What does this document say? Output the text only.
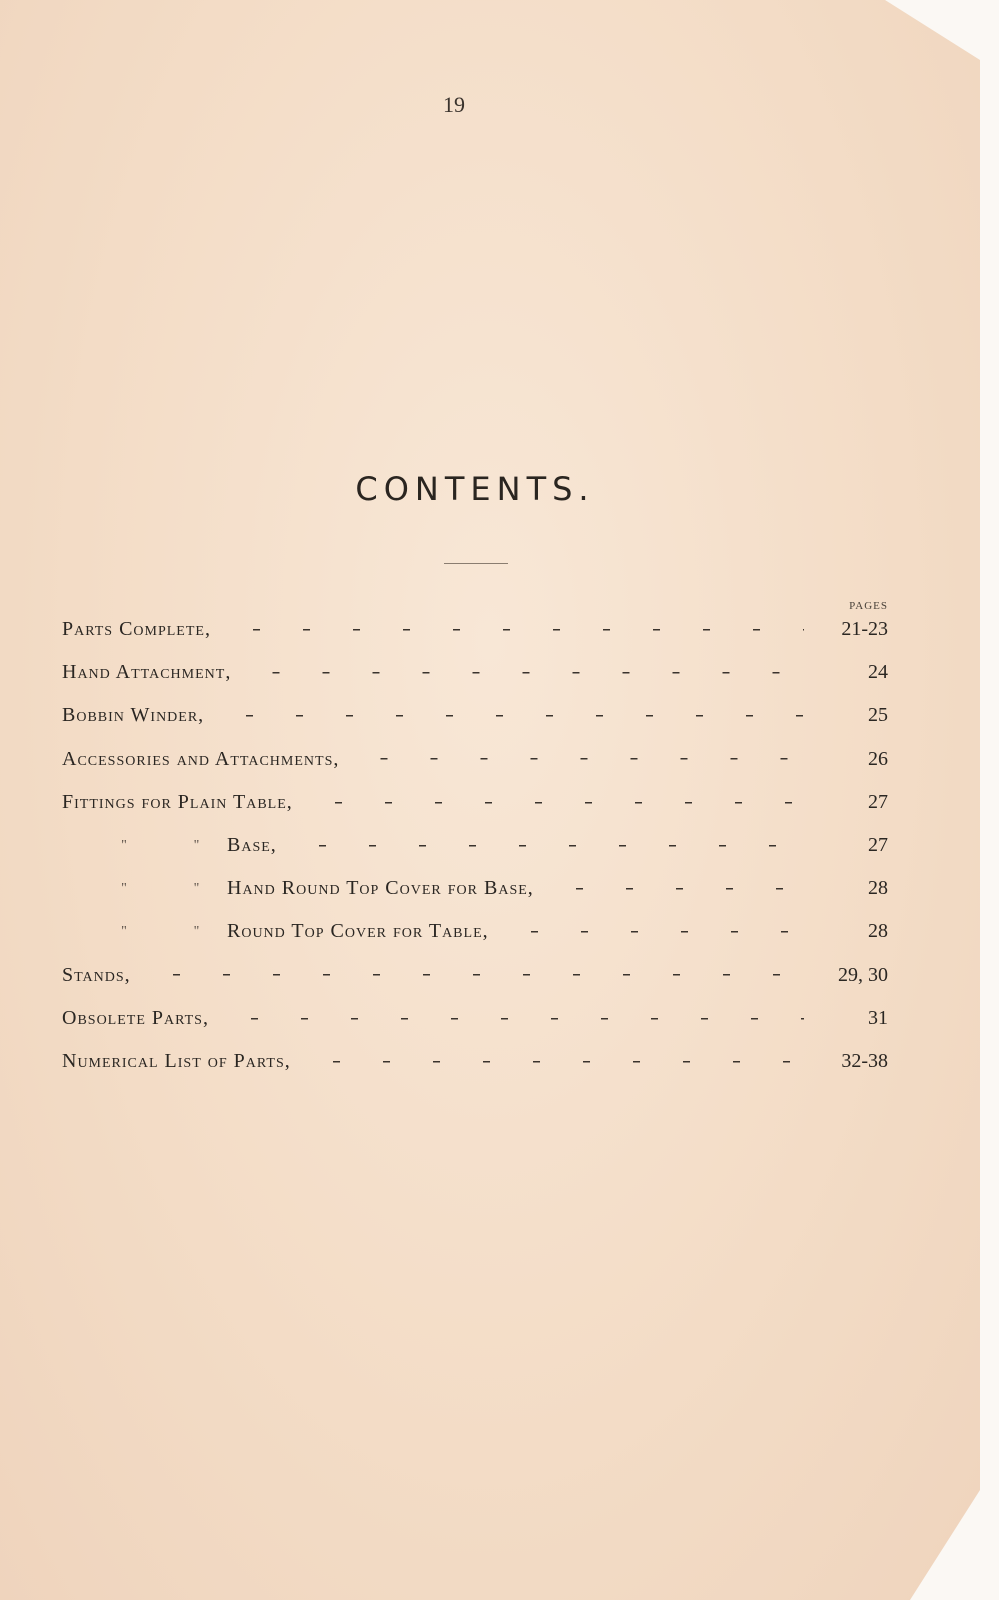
19
CONTENTS.
PAGES
Parts Complete,	21-23
Hand Attachment,	24
Bobbin Winder,	25
Accessories and Attachments,	26
Fittings for Plain Table,	27
"	"	Base,	27
"	"	Hand Round Top Cover for Base,	28
"	"	Round Top Cover for Table,	28
Stands,	29, 30
Obsolete Parts,	31
Numerical List of Parts,	32-38
